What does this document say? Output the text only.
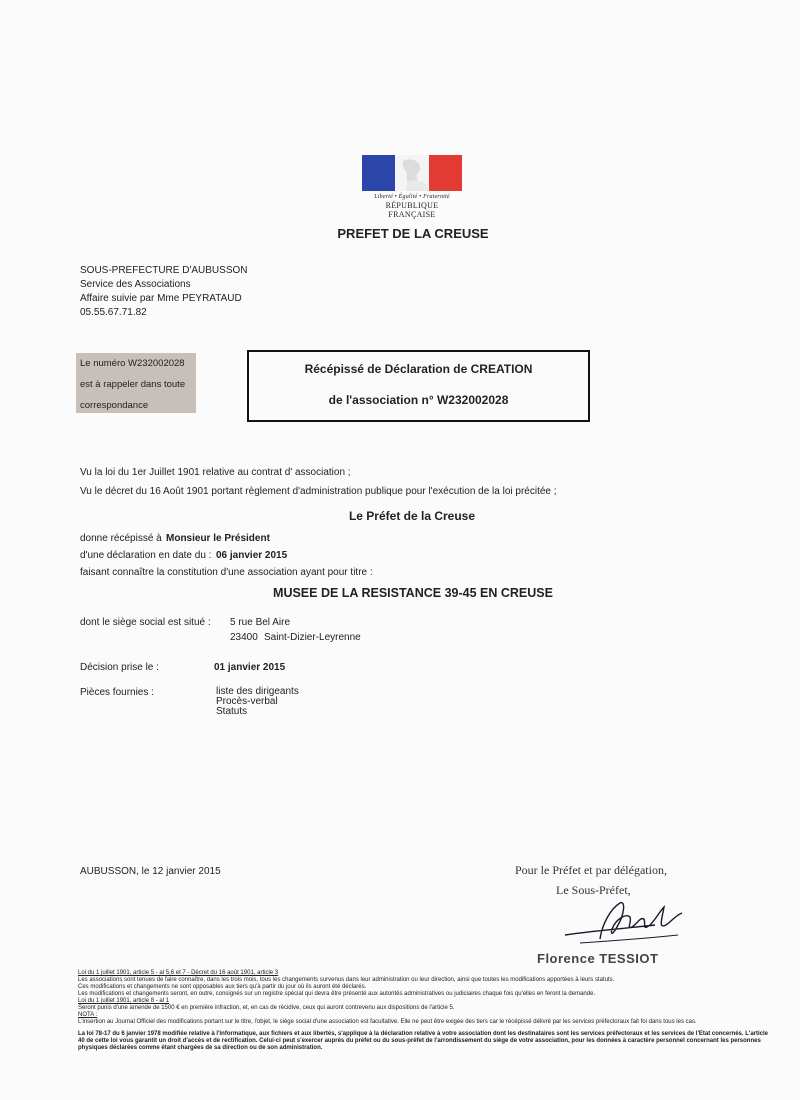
Liberté • Égalité • Fraternité
RÉPUBLIQUE FRANÇAISE
PREFET DE LA CREUSE
SOUS-PREFECTURE D'AUBUSSON
Service des Associations
Affaire suivie par Mme PEYRATAUD
05.55.67.71.82
Le numéro W232002028
est à rappeler dans toute
correspondance
Récépissé de Déclaration de CREATION
de l'association n° W232002028
Vu la loi du 1er Juillet 1901 relative au contrat d' association ;
Vu le décret du 16 Août 1901 portant règlement d'administration publique pour l'exécution de la loi précitée ;
Le Préfet de la Creuse
donne récépissé à Monsieur le Président
d'une déclaration en date du : 06 janvier 2015
faisant connaître la constitution d'une association ayant pour titre :
MUSEE DE LA RESISTANCE 39-45 EN CREUSE
dont le siège social est situé : 5 rue Bel Aire
23400 Saint-Dizier-Leyrenne
Décision prise le :	01 janvier 2015
Pièces fournies :	liste des dirigeants
Procès-verbal
Statuts
AUBUSSON, le 12 janvier 2015	Pour le Préfet et par délégation,
Le Sous-Préfet,
Florence TESSIOT
Loi du 1 juillet 1901, article 5 - al 5,6 et 7 - Décret du 16 août 1901, article 3
Les associations sont tenues de faire connaître, dans les trois mois, tous les changements survenus dans leur administration ou leur direction, ainsi que toutes les modifications apportées à leurs statuts.
Ces modifications et changements ne sont opposables aux tiers qu'à partir du jour où ils auront été déclarés.
Les modifications et changements seront, en outre, consignés sur un registre spécial qui devra être présenté aux autorités administratives ou judiciaires chaque fois qu'elles en feront la demande.
Loi du 1 juillet 1901, article 8 - al 1
Seront punis d'une amende de 1500 € en première infraction, et, en cas de récidive, ceux qui auront contrevenu aux dispositions de l'article 5.
NOTA :
L'insertion au Journal Officiel des modifications portant sur le titre, l'objet, le siège social d'une association est facultative. Elle ne peut être exigée des tiers car le récépissé délivré par les services préfectoraux fait foi dans tous les cas.
La loi 78-17 du 6 janvier 1978 modifiée relative à l'informatique, aux fichiers et aux libertés, s'applique à la déclaration relative à votre association dont les destinataires sont les services préfectoraux et les services de l'Etat concernés. L'article 40 de cette loi vous garantit un droit d'accès et de rectification. Celui-ci peut s'exercer auprès du préfet ou du sous-préfet de l'arrondissement du siège de votre association, pour les données à caractère personnel concernant les personnes physiques déclarées comme étant chargées de sa direction ou de son administration.
